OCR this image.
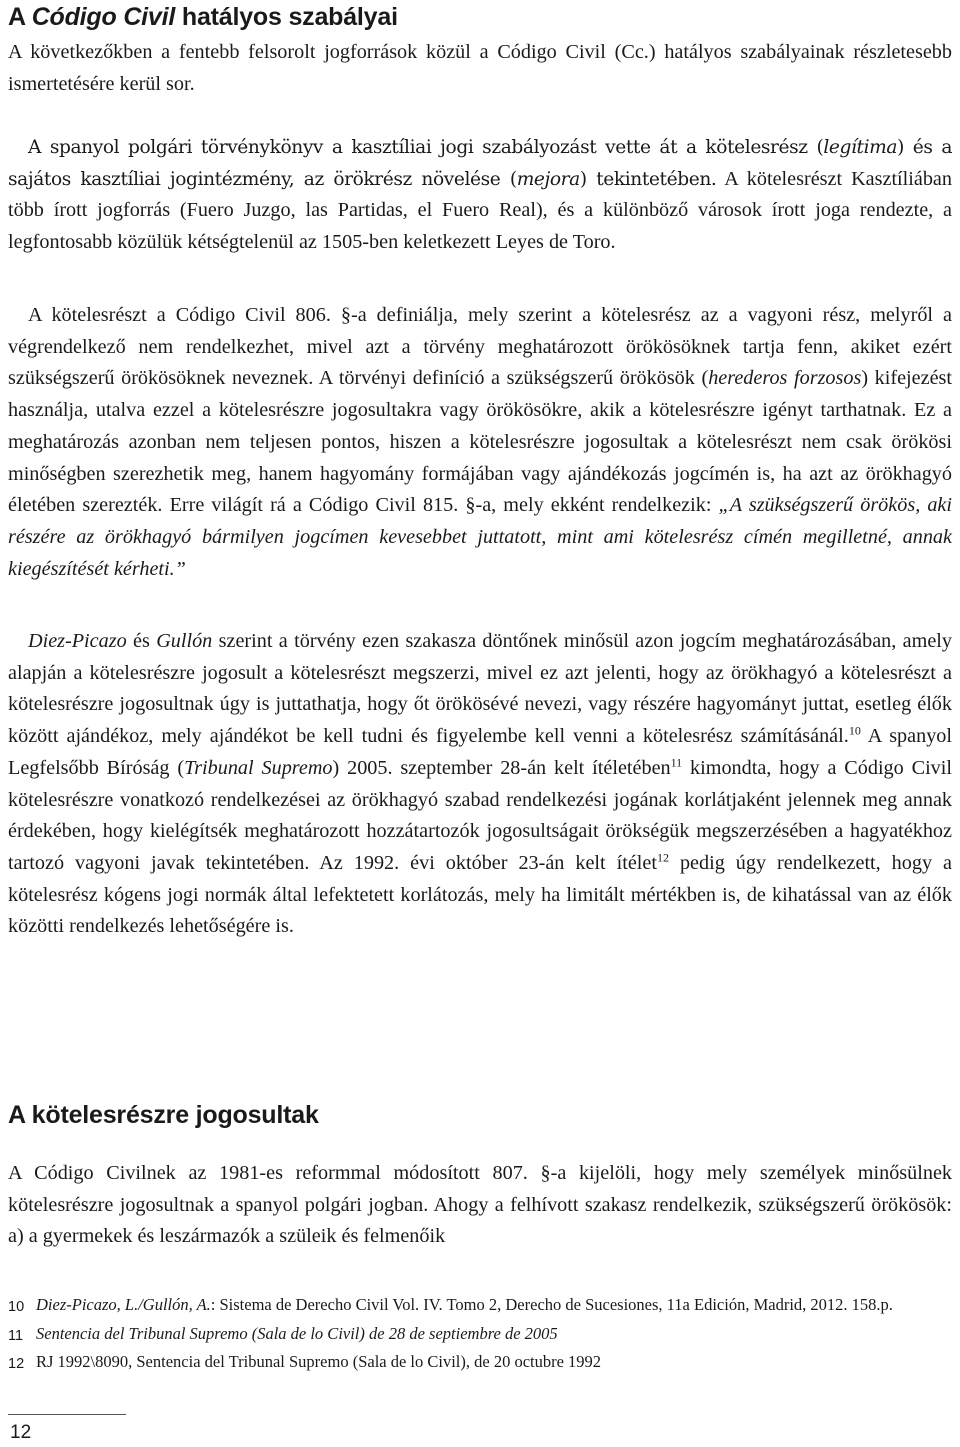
A Código Civil hatályos szabályai

A következőkben a fentebb felsorolt jogforrások közül a Código Civil (Cc.) hatályos szabályainak részletesebb ismertetésére kerül sor.

A spanyol polgári törvénykönyv a kasztíliai jogi szabályozást vette át a kötelesrész (legítima) és a sajátos kasztíliai jogintézmény, az örökrész növelése (mejora) tekintetében. A kötelesrészt Kasztíliában több írott jogforrás (Fuero Juzgo, las Partidas, el Fuero Real), és a különböző városok írott joga rendezte, a legfontosabb közülük kétségtelenül az 1505-ben keletkezett Leyes de Toro.

A kötelesrészt a Código Civil 806. §-a definiálja, mely szerint a kötelesrész az a vagyoni rész, melyről a végrendelkező nem rendelkezhet, mivel azt a törvény meghatározott örökösöknek tartja fenn, akiket ezért szükségszerű örökösöknek neveznek. A törvényi definíció a szükségszerű örökösök (herederos forzosos) kifejezést használja, utalva ezzel a kötelesrészre jogosultakra vagy örökösökre, akik a kötelesrészre igényt tarthatnak. Ez a meghatározás azonban nem teljesen pontos, hiszen a kötelesrészre jogosultak a kötelesrészt nem csak örökösi minőségben szerezhetik meg, hanem hagyomány formájában vagy ajándékozás jogcímén is, ha azt az örökhagyó életében szerezték. Erre világít rá a Código Civil 815. §-a, mely ekként rendelkezik: „A szükségszerű örökös, aki részére az örökhagyó bármilyen jogcímen kevesebbet juttatott, mint ami kötelesrész címén megilletné, annak kiegészítését kérheti.”

Diez-Picazo és Gullón szerint a törvény ezen szakasza döntőnek minősül azon jogcím meghatározásában, amely alapján a kötelesrészre jogosult a kötelesrészt megszerzi, mivel ez azt jelenti, hogy az örökhagyó a kötelesrészt a kötelesrészre jogosultnak úgy is juttathatja, hogy őt örökösévé nevezi, vagy részére hagyományt juttat, esetleg élők között ajándékoz, mely ajándékot be kell tudni és figyelembe kell venni a kötelesrész számításánál.$^{10}$ A spanyol Legfelsőbb Bíróság (Tribunal Supremo) 2005. szeptember 28-án kelt ítéletében$^{11}$ kimondta, hogy a Código Civil kötelesrészre vonatkozó rendelkezései az örökhagyó szabad rendelkezési jogának korlátjaként jelennek meg annak érdekében, hogy kielégítsék meghatározott hozzátartozók jogosultságait örökségük megszerzésében a hagyatékhoz tartozó vagyoni javak tekintetében. Az 1992. évi október 23-án kelt ítélet$^{12}$ pedig úgy rendelkezett, hogy a kötelesrész kógens jogi normák által lefektetett korlátozás, mely ha limitált mértékben is, de kihatással van az élők közötti rendelkezés lehetőségére is.

A kötelesrészre jogosultak

A Código Civilnek az 1981-es reformmal módosított 807. §-a kijelöli, hogy mely személyek minősülnek kötelesrészre jogosultnak a spanyol polgári jogban. Ahogy a felhívott szakasz rendelkezik, szükségszerű örökösök: a) a gyermekek és leszármazók a szüleik és felmenőik

10 Diez-Picazo, L./Gullón, A.: Sistema de Derecho Civil Vol. IV. Tomo 2, Derecho de Sucesiones, 11a Edición, Madrid, 2012. 158.p.
11 Sentencia del Tribunal Supremo (Sala de lo Civil) de 28 de septiembre de 2005
12 RJ 1992\8090, Sentencia del Tribunal Supremo (Sala de lo Civil), de 20 octubre 1992
12
